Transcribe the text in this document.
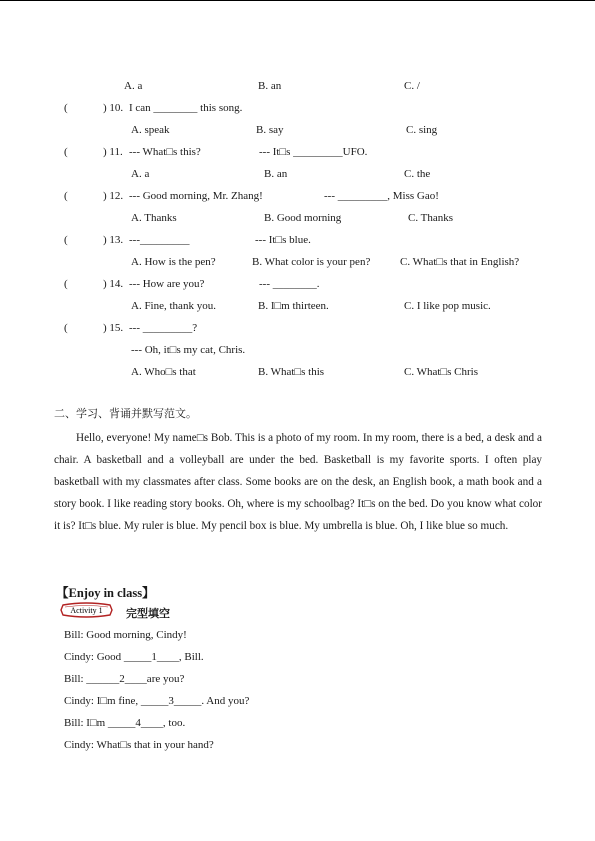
A. a	B. an	C. /
(	) 10. I can ________ this song.
A. speak	B. say	C. sing
(	) 11. --- What□s this?	--- It□s _________UFO.
A. a	B. an	C. the
(	) 12. --- Good morning, Mr. Zhang!	--- _________, Miss Gao!
A. Thanks	B. Good morning	C. Thanks
(	) 13. ---_________	--- It□s blue.
A. How is the pen?	B. What color is your pen?	C. What□s that in English?
(	) 14. --- How are you?	--- ________.
A. Fine, thank you.	B. I□m thirteen.	C. I like pop music.
(	) 15. --- _________?
--- Oh, it□s my cat, Chris.
A. Who□s that	B. What□s this	C. What□s Chris
二、学习、背诵并默写范文。
Hello, everyone! My name□s Bob. This is a photo of my room. In my room, there is a bed, a desk and a chair. A basketball and a volleyball are under the bed. Basketball is my favorite sports. I often play basketball with my classmates after class. Some books are on the desk, an English book, a math book and a story book. I like reading story books. Oh, where is my schoolbag? It□s on the bed. Do you know what color it is? It□s blue. My ruler is blue. My pencil box is blue. My umbrella is blue. Oh, I like blue so much.
【Enjoy in class】
Activity 1 完型填空
Bill: Good morning, Cindy!
Cindy: Good _____1____, Bill.
Bill: ______2____are you?
Cindy: I□m fine, _____3_____. And you?
Bill: I□m _____4____, too.
Cindy: What□s that in your hand?
